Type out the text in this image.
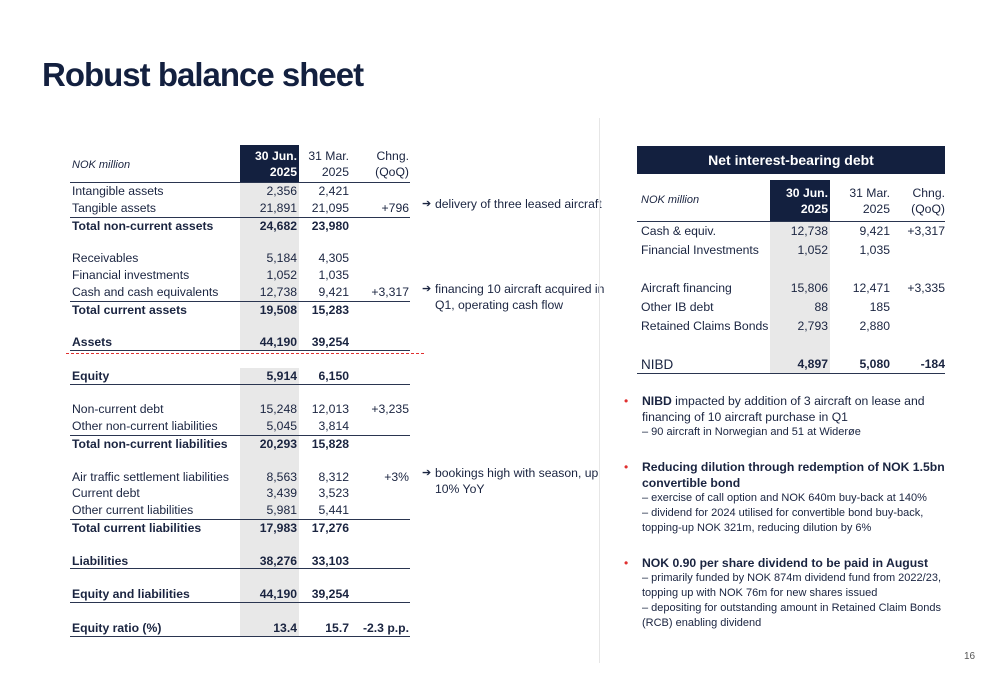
Robust balance sheet
NOK million
30 Jun.
2025
31 Mar.
2025
Chng.
(QoQ)
Intangible assets	2,356	2,421
Tangible assets	21,891	21,095	+796
Total non-current assets	24,682	23,980
Receivables	5,184	4,305
Financial investments	1,052	1,035
Cash and cash equivalents	12,738	9,421	+3,317
Total current assets	19,508	15,283
Assets	44,190	39,254
Equity	5,914	6,150
Non-current debt	15,248	12,013	+3,235
Other non-current liabilities	5,045	3,814
Total non-current liabilities	20,293	15,828
Air traffic settlement liabilities	8,563	8,312	+3%
Current debt	3,439	3,523
Other current liabilities	5,981	5,441
Total current liabilities	17,983	17,276
Liabilities	38,276	33,103
Equity and liabilities	44,190	39,254
Equity ratio (%)	13.4	15.7	-2.3 p.p.
➔ delivery of three leased aircraft
➔ financing 10 aircraft acquired in Q1, operating cash flow
➔ bookings high with season, up 10% YoY
Net interest-bearing debt
NOK million	30 Jun.
2025
31 Mar.
2025
Chng.
(QoQ)
Cash & equiv.	12,738	9,421	+3,317
Financial Investments	1,052	1,035
Aircraft financing	15,806	12,471	+3,335
Other IB debt	88	185
Retained Claims Bonds	2,793	2,880
NIBD	4,897	5,080	-184
• NIBD impacted by addition of 3 aircraft on lease and financing of 10 aircraft purchase in Q1
– 90 aircraft in Norwegian and 51 at Widerøe
• Reducing dilution through redemption of NOK 1.5bn convertible bond
– exercise of call option and NOK 640m buy-back at 140%
– dividend for 2024 utilised for convertible bond buy-back, topping-up NOK 321m, reducing dilution by 6%
• NOK 0.90 per share dividend to be paid in August
– primarily funded by NOK 874m dividend fund from 2022/23, topping up with NOK 76m for new shares issued
– depositing for outstanding amount in Retained Claim Bonds (RCB) enabling dividend
16
